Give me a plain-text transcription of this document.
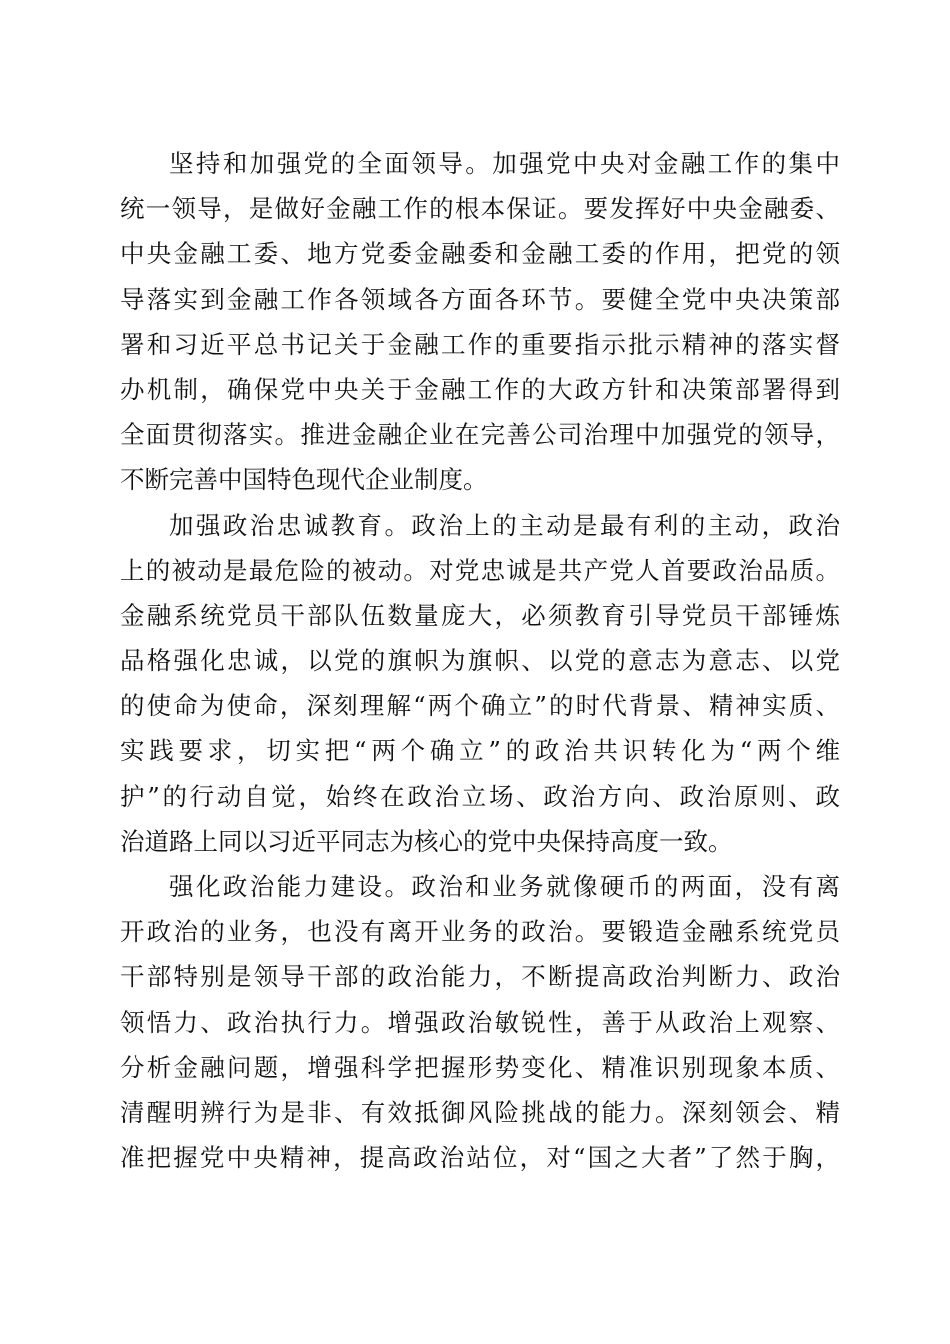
坚持和加强党的全面领导。加强党中央对金融工作的集中
统一领导，是做好金融工作的根本保证。要发挥好中央金融委、
中央金融工委、地方党委金融委和金融工委的作用，把党的领
导落实到金融工作各领域各方面各环节。要健全党中央决策部
署和习近平总书记关于金融工作的重要指示批示精神的落实督
办机制，确保党中央关于金融工作的大政方针和决策部署得到
全面贯彻落实。推进金融企业在完善公司治理中加强党的领导，
不断完善中国特色现代企业制度。
加强政治忠诚教育。政治上的主动是最有利的主动，政治
上的被动是最危险的被动。对党忠诚是共产党人首要政治品质。
金融系统党员干部队伍数量庞大，必须教育引导党员干部锤炼
品格强化忠诚，以党的旗帜为旗帜、以党的意志为意志、以党
的使命为使命，深刻理解“两个确立”的时代背景、精神实质、
实践要求，切实把“两个确立”的政治共识转化为“两个维
护”的行动自觉，始终在政治立场、政治方向、政治原则、政
治道路上同以习近平同志为核心的党中央保持高度一致。
强化政治能力建设。政治和业务就像硬币的两面，没有离
开政治的业务，也没有离开业务的政治。要锻造金融系统党员
干部特别是领导干部的政治能力，不断提高政治判断力、政治
领悟力、政治执行力。增强政治敏锐性，善于从政治上观察、
分析金融问题，增强科学把握形势变化、精准识别现象本质、
清醒明辨行为是非、有效抵御风险挑战的能力。深刻领会、精
准把握党中央精神，提高政治站位，对“国之大者”了然于胸，
